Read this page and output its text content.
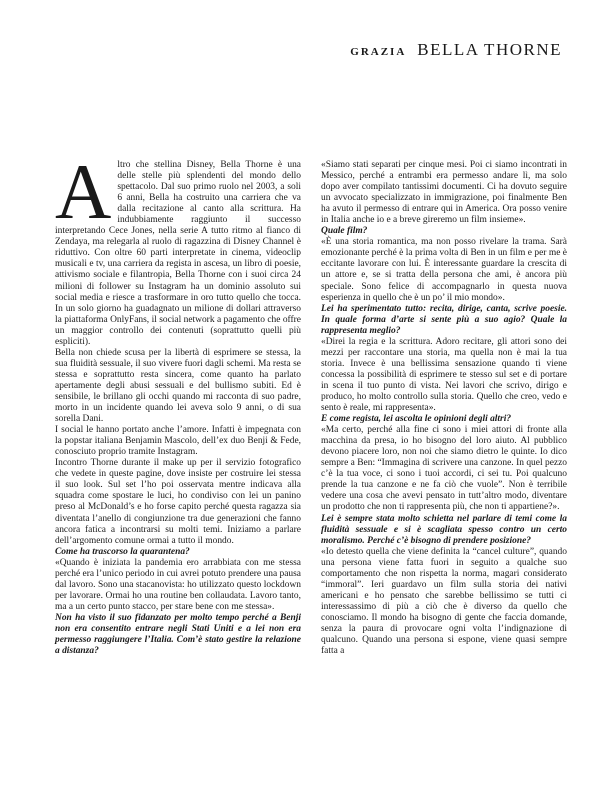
GRAZIA BELLA THORNE

Altro che stellina Disney, Bella Thorne è una delle stelle più splendenti del mondo dello spettacolo. Dal suo primo ruolo nel 2003, a soli 6 anni, Bella ha costruito una carriera che va dalla recitazione al canto alla scrittura. Ha indubbiamente raggiunto il successo interpretando Cece Jones, nella serie A tutto ritmo al fianco di Zendaya, ma relegarla al ruolo di ragazzina di Disney Channel è riduttivo. Con oltre 60 parti interpretate in cinema, videoclip musicali e tv, una carriera da regista in ascesa, un libro di poesie, attivismo sociale e filantropia, Bella Thorne con i suoi circa 24 milioni di follower su Instagram ha un dominio assoluto sui social media e riesce a trasformare in oro tutto quello che tocca. In un solo giorno ha guadagnato un milione di dollari attraverso la piattaforma OnlyFans, il social network a pagamento che offre un maggior controllo dei contenuti (soprattutto quelli più espliciti).

Bella non chiede scusa per la libertà di esprimere se stessa, la sua fluidità sessuale, il suo vivere fuori dagli schemi. Ma resta se stessa e soprattutto resta sincera, come quanto ha parlato apertamente degli abusi sessuali e del bullismo subiti. Ed è sensibile, le brillano gli occhi quando mi racconta di suo padre, morto in un incidente quando lei aveva solo 9 anni, o di sua sorella Dani.

I social le hanno portato anche l’amore. Infatti è impegnata con la popstar italiana Benjamin Mascolo, dell’ex duo Benji & Fede, conosciuto proprio tramite Instagram.

Incontro Thorne durante il make up per il servizio fotografico che vedete in queste pagine, dove insiste per costruire lei stessa il suo look. Sul set l’ho poi osservata mentre indicava alla squadra come spostare le luci, ho condiviso con lei un panino preso al McDonald’s e ho forse capito perché questa ragazza sia diventata l’anello di congiunzione tra due generazioni che fanno ancora fatica a incontrarsi su molti temi. Iniziamo a parlare dell’argomento comune ormai a tutto il mondo.

Come ha trascorso la quarantena?

«Quando è iniziata la pandemia ero arrabbiata con me stessa perché era l’unico periodo in cui avrei potuto prendere una pausa dal lavoro. Sono una stacanovista: ho utilizzato questo lockdown per lavorare. Ormai ho una routine ben collaudata. Lavoro tanto, ma a un certo punto stacco, per stare bene con me stessa».

Non ha visto il suo fidanzato per molto tempo perché a Benji non era consentito entrare negli Stati Uniti e a lei non era permesso raggiungere l’Italia. Com’è stato gestire la relazione a distanza?

«Siamo stati separati per cinque mesi. Poi ci siamo incontrati in Messico, perché a entrambi era permesso andare lì, ma solo dopo aver compilato tantissimi documenti. Ci ha dovuto seguire un avvocato specializzato in immigrazione, poi finalmente Ben ha avuto il permesso di entrare qui in America. Ora posso venire in Italia anche io e a breve gireremo un film insieme».

Quale film?

«È una storia romantica, ma non posso rivelare la trama. Sarà emozionante perché è la prima volta di Ben in un film e per me è eccitante lavorare con lui. È interessante guardare la crescita di un attore e, se si tratta della persona che ami, è ancora più speciale. Sono felice di accompagnarlo in questa nuova esperienza in quello che è un po’ il mio mondo».

Lei ha sperimentato tutto: recita, dirige, canta, scrive poesie. In quale forma d’arte si sente più a suo agio? Quale la rappresenta meglio?

«Direi la regia e la scrittura. Adoro recitare, gli attori sono dei mezzi per raccontare una storia, ma quella non è mai la tua storia. Invece è una bellissima sensazione quando ti viene concessa la possibilità di esprimere te stesso sul set e di portare in scena il tuo punto di vista. Nei lavori che scrivo, dirigo e produco, ho molto controllo sulla storia. Quello che creo, vedo e sento è reale, mi rappresenta».

E come regista, lei ascolta le opinioni degli altri?

«Ma certo, perché alla fine ci sono i miei attori di fronte alla macchina da presa, io ho bisogno del loro aiuto. Al pubblico devono piacere loro, non noi che siamo dietro le quinte. Io dico sempre a Ben: “Immagina di scrivere una canzone. In quel pezzo c’è la tua voce, ci sono i tuoi accordi, ci sei tu. Poi qualcuno prende la tua canzone e ne fa ciò che vuole”. Non è terribile vedere una cosa che avevi pensato in tutt’altro modo, diventare un prodotto che non ti rappresenta più, che non ti appartiene?».

Lei è sempre stata molto schietta nel parlare di temi come la fluidità sessuale e si è scagliata spesso contro un certo moralismo. Perché c’è bisogno di prendere posizione?

«Io detesto quella che viene definita la “cancel culture”, quando una persona viene fatta fuori in seguito a qualche suo comportamento che non rispetta la norma, magari considerato “immoral”. Ieri guardavo un film sulla storia dei nativi americani e ho pensato che sarebbe bellissimo se tutti ci interessassimo di più a ciò che è diverso da quello che conosciamo. Il mondo ha bisogno di gente che faccia domande, senza la paura di provocare ogni volta l’indignazione di qualcuno. Quando una persona si espone, viene quasi sempre fatta a
